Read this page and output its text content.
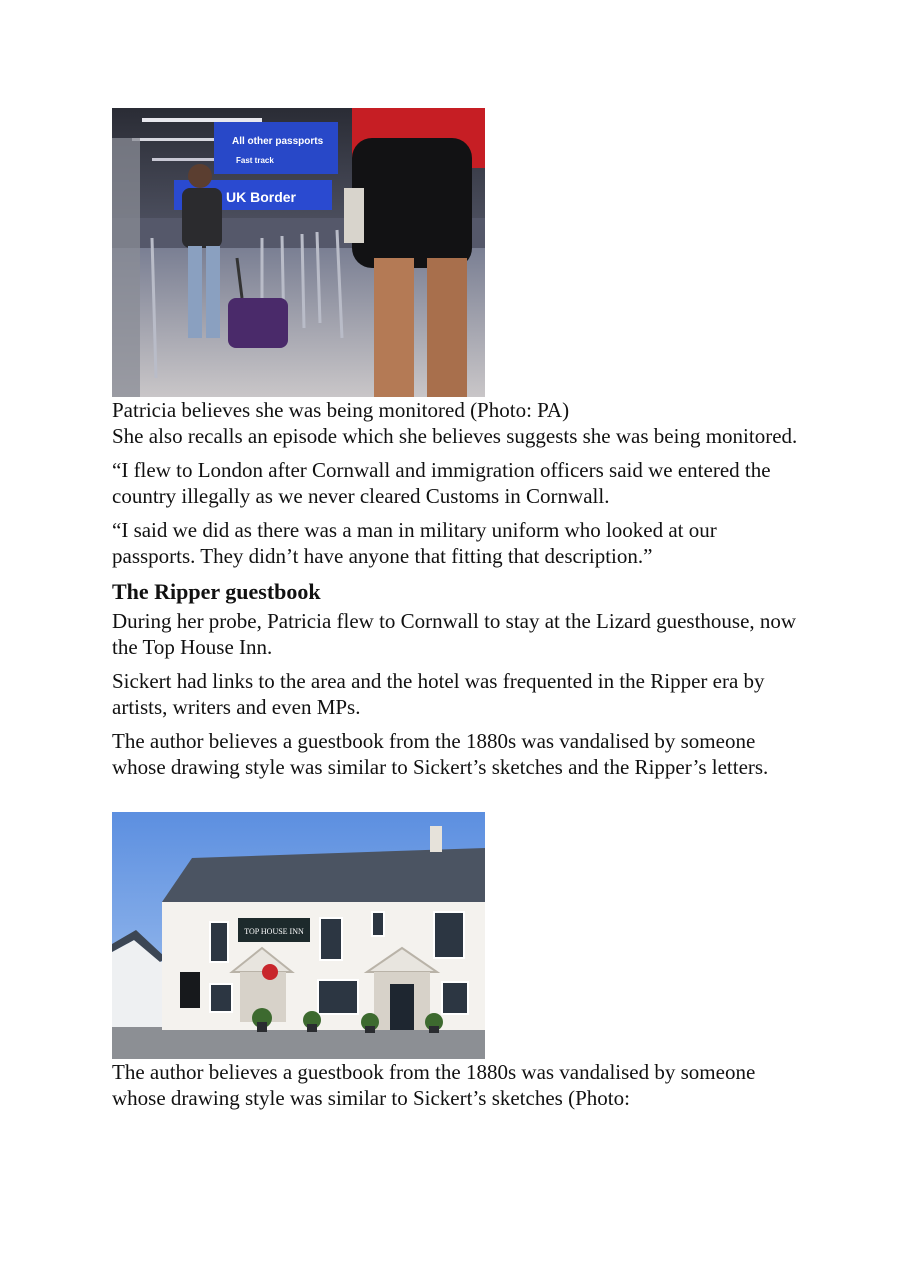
All other passports
Fast track
UK Border

Patricia believes she was being monitored (Photo: PA)

She also recalls an episode which she believes suggests she was being monitored.

“I flew to London after Cornwall and immigration officers said we entered the country illegally as we never cleared Customs in Cornwall.

“I said we did as there was a man in military uniform who looked at our passports. They didn’t have anyone that fitting that description.”

The Ripper guestbook

During her probe, Patricia flew to Cornwall to stay at the Lizard guesthouse, now the Top House Inn.

Sickert had links to the area and the hotel was frequented in the Ripper era by artists, writers and even MPs.

The author believes a guestbook from the 1880s was vandalised by someone whose drawing style was similar to Sickert’s sketches and the Ripper’s letters.

TOP HOUSE INN

The author believes a guestbook from the 1880s was vandalised by someone whose drawing style was similar to Sickert’s sketches (Photo:
